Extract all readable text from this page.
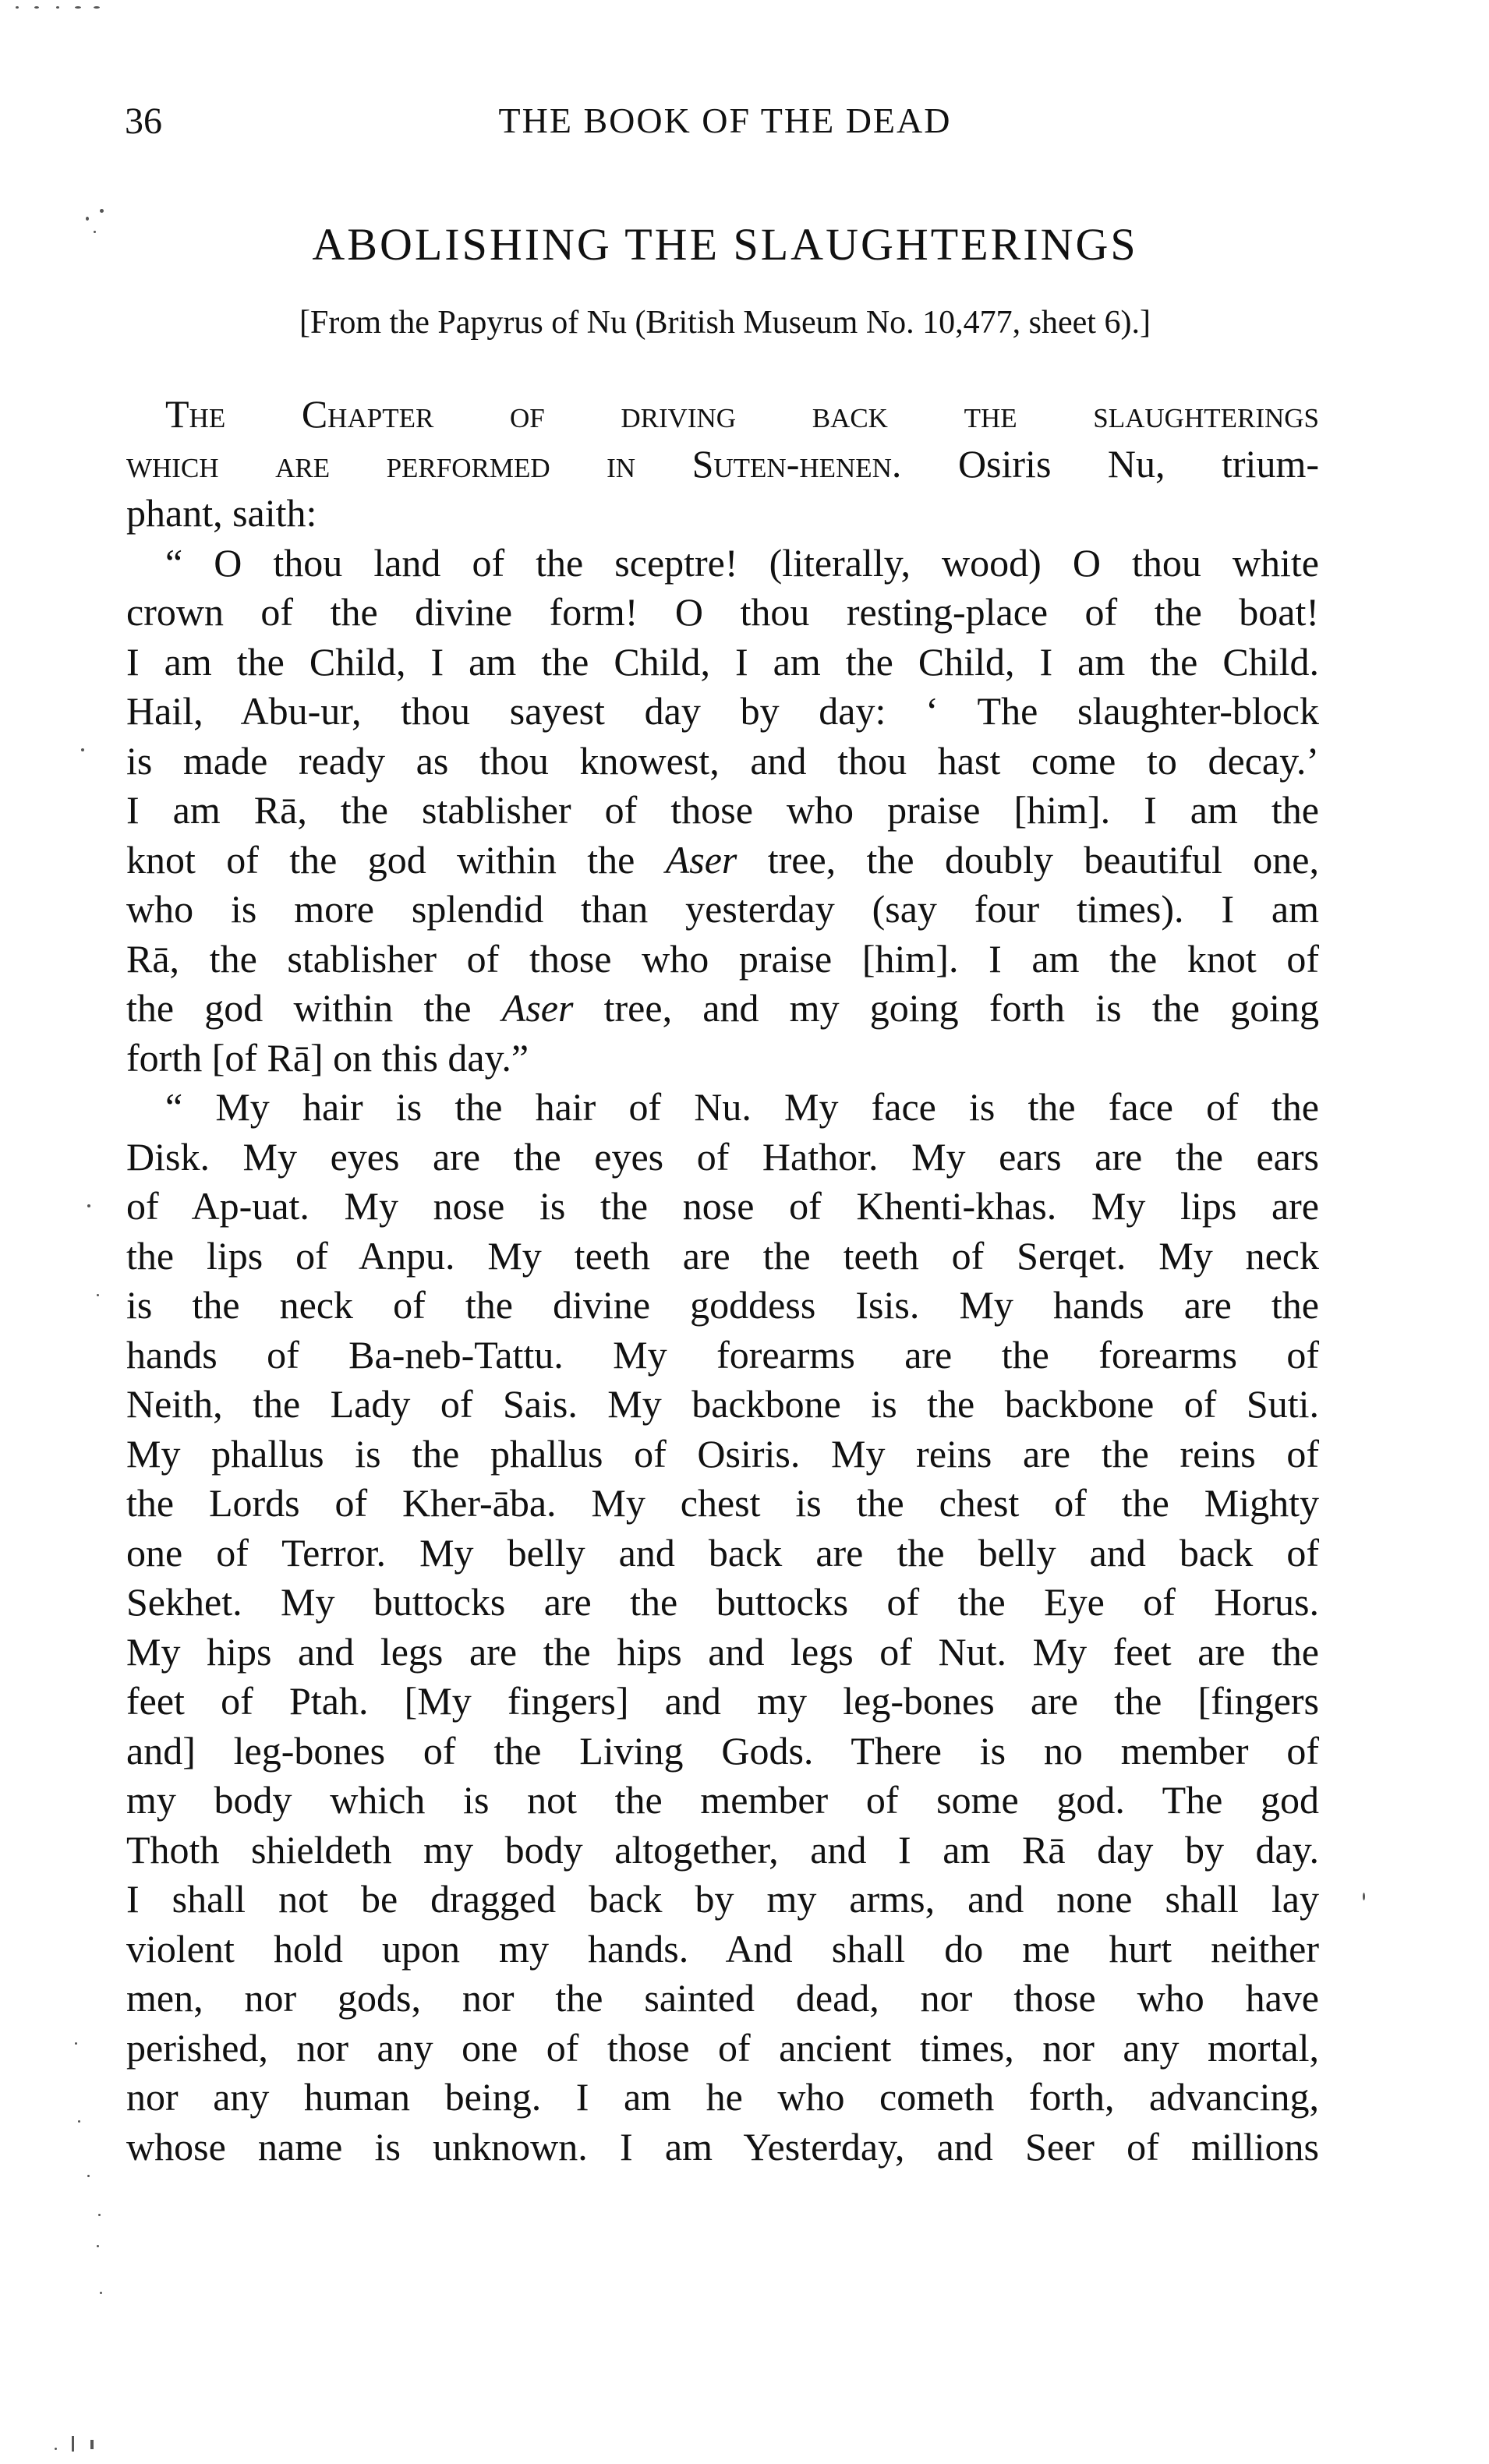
36	THE BOOK OF THE DEAD
ABOLISHING THE SLAUGHTERINGS
[From the Papyrus of Nu (British Museum No. 10,477, sheet 6).]
The Chapter of driving back the slaughterings
which are performed in Suten-henen. Osiris Nu, trium-
phant, saith:
“ O thou land of the sceptre! (literally, wood) O thou white
crown of the divine form! O thou resting-place of the boat!
I am the Child, I am the Child, I am the Child, I am the Child.
Hail, Abu-ur, thou sayest day by day: ‘ The slaughter-block
is made ready as thou knowest, and thou hast come to decay.’
I am Rā, the stablisher of those who praise [him]. I am the
knot of the god within the Aser tree, the doubly beautiful one,
who is more splendid than yesterday (say four times). I am
Rā, the stablisher of those who praise [him]. I am the knot of
the god within the Aser tree, and my going forth is the going
forth [of Rā] on this day.”
“ My hair is the hair of Nu. My face is the face of the
Disk. My eyes are the eyes of Hathor. My ears are the ears
of Ap-uat. My nose is the nose of Khenti-khas. My lips are
the lips of Anpu. My teeth are the teeth of Serqet. My neck
is the neck of the divine goddess Isis. My hands are the
hands of Ba-neb-Tattu. My forearms are the forearms of
Neith, the Lady of Sais. My backbone is the backbone of Suti.
My phallus is the phallus of Osiris. My reins are the reins of
the Lords of Kher-āba. My chest is the chest of the Mighty
one of Terror. My belly and back are the belly and back of
Sekhet. My buttocks are the buttocks of the Eye of Horus.
My hips and legs are the hips and legs of Nut. My feet are the
feet of Ptah. [My fingers] and my leg-bones are the [fingers
and] leg-bones of the Living Gods. There is no member of
my body which is not the member of some god. The god
Thoth shieldeth my body altogether, and I am Rā day by day.
I shall not be dragged back by my arms, and none shall lay
violent hold upon my hands. And shall do me hurt neither
men, nor gods, nor the sainted dead, nor those who have
perished, nor any one of those of ancient times, nor any mortal,
nor any human being. I am he who cometh forth, advancing,
whose name is unknown. I am Yesterday, and Seer of millions
